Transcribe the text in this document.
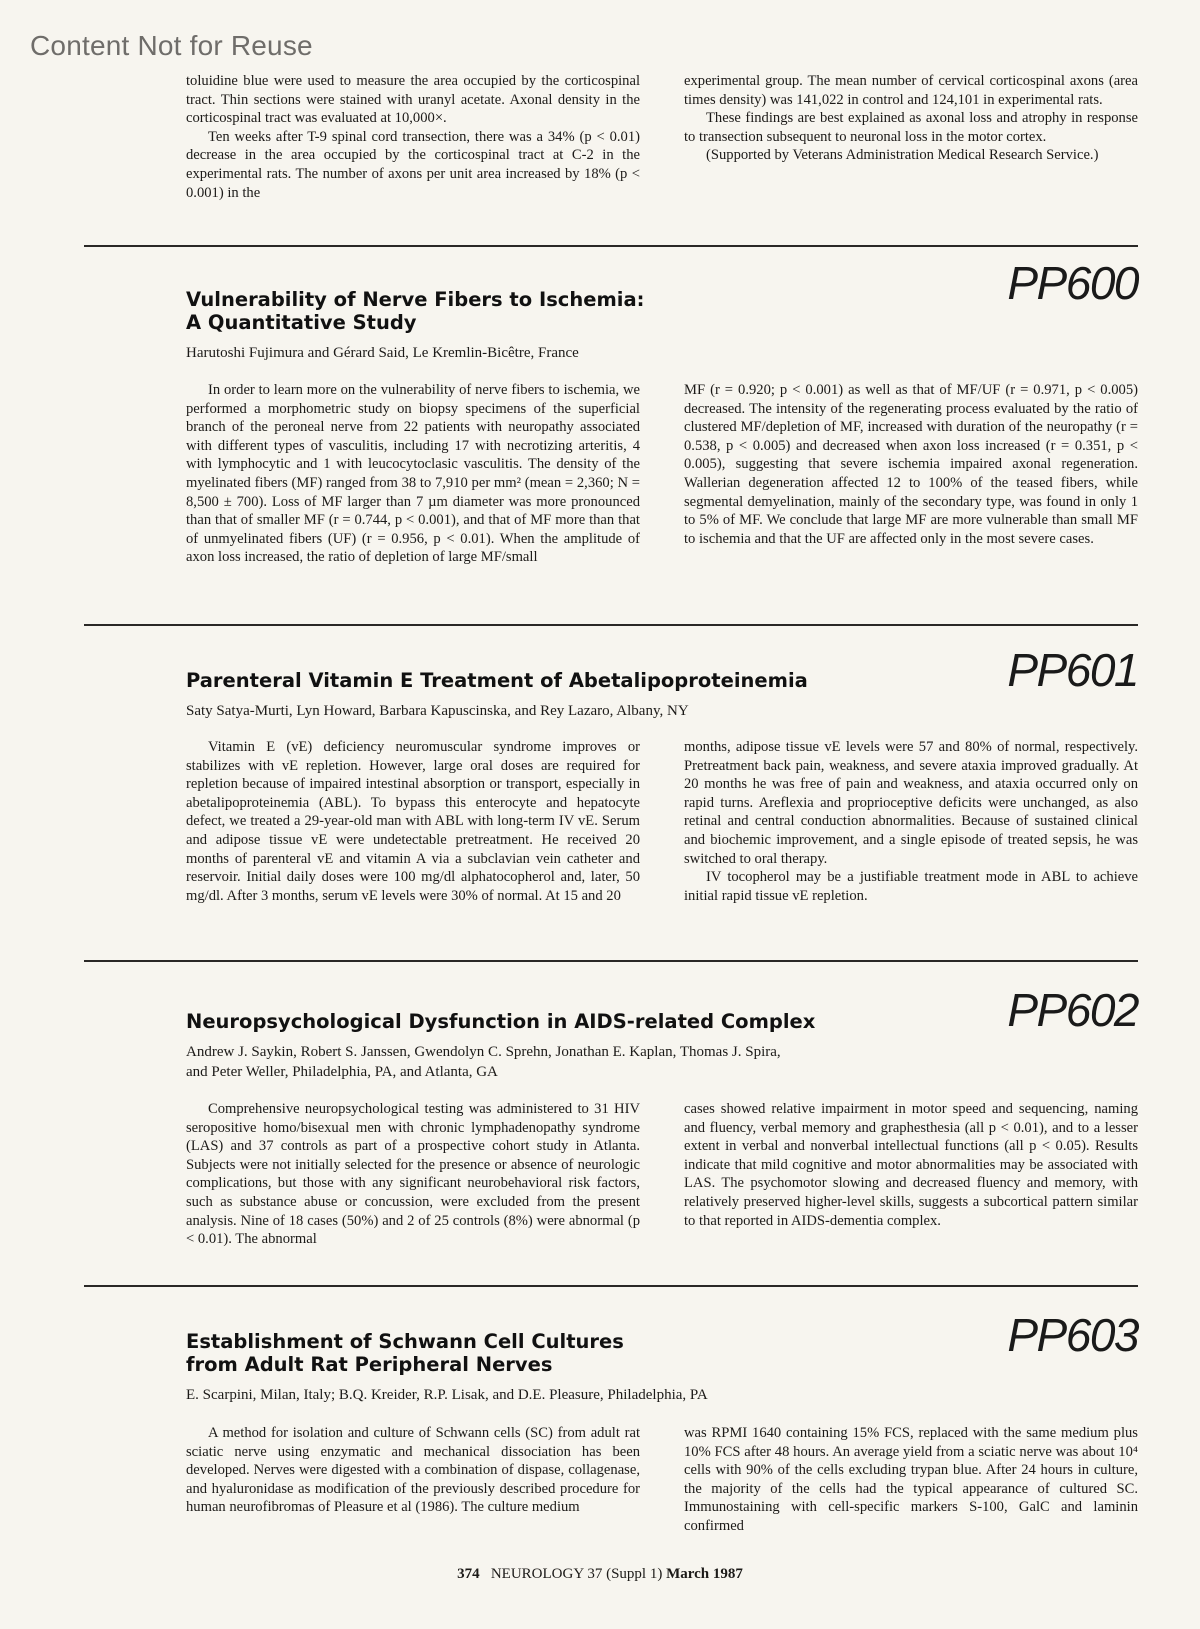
Content Not for Reuse

toluidine blue were used to measure the area occupied by the corticospinal tract. Thin sections were stained with uranyl acetate. Axonal density in the corticospinal tract was evaluated at 10,000×.

Ten weeks after T-9 spinal cord transection, there was a 34% (p < 0.01) decrease in the area occupied by the corticospinal tract at C-2 in the experimental rats. The number of axons per unit area increased by 18% (p < 0.001) in the

experimental group. The mean number of cervical corticospinal axons (area times density) was 141,022 in control and 124,101 in experimental rats.

These findings are best explained as axonal loss and atrophy in response to transection subsequent to neuronal loss in the motor cortex.

(Supported by Veterans Administration Medical Research Service.)

PP600
Vulnerability of Nerve Fibers to Ischemia:
A Quantitative Study
Harutoshi Fujimura and Gérard Said, Le Kremlin-Bicêtre, France

In order to learn more on the vulnerability of nerve fibers to ischemia, we performed a morphometric study on biopsy specimens of the superficial branch of the peroneal nerve from 22 patients with neuropathy associated with different types of vasculitis, including 17 with necrotizing arteritis, 4 with lymphocytic and 1 with leucocytoclasic vasculitis. The density of the myelinated fibers (MF) ranged from 38 to 7,910 per mm² (mean = 2,360; N = 8,500 ± 700). Loss of MF larger than 7 µm diameter was more pronounced than that of smaller MF (r = 0.744, p < 0.001), and that of MF more than that of unmyelinated fibers (UF) (r = 0.956, p < 0.01). When the amplitude of axon loss increased, the ratio of depletion of large MF/small

MF (r = 0.920; p < 0.001) as well as that of MF/UF (r = 0.971, p < 0.005) decreased. The intensity of the regenerating process evaluated by the ratio of clustered MF/depletion of MF, increased with duration of the neuropathy (r = 0.538, p < 0.005) and decreased when axon loss increased (r = 0.351, p < 0.005), suggesting that severe ischemia impaired axonal regeneration. Wallerian degeneration affected 12 to 100% of the teased fibers, while segmental demyelination, mainly of the secondary type, was found in only 1 to 5% of MF. We conclude that large MF are more vulnerable than small MF to ischemia and that the UF are affected only in the most severe cases.

PP601
Parenteral Vitamin E Treatment of Abetalipoproteinemia
Saty Satya-Murti, Lyn Howard, Barbara Kapuscinska, and Rey Lazaro, Albany, NY

Vitamin E (vE) deficiency neuromuscular syndrome improves or stabilizes with vE repletion. However, large oral doses are required for repletion because of impaired intestinal absorption or transport, especially in abetalipoproteinemia (ABL). To bypass this enterocyte and hepatocyte defect, we treated a 29-year-old man with ABL with long-term IV vE. Serum and adipose tissue vE were undetectable pretreatment. He received 20 months of parenteral vE and vitamin A via a subclavian vein catheter and reservoir. Initial daily doses were 100 mg/dl alphatocopherol and, later, 50 mg/dl. After 3 months, serum vE levels were 30% of normal. At 15 and 20

months, adipose tissue vE levels were 57 and 80% of normal, respectively. Pretreatment back pain, weakness, and severe ataxia improved gradually. At 20 months he was free of pain and weakness, and ataxia occurred only on rapid turns. Areflexia and proprioceptive deficits were unchanged, as also retinal and central conduction abnormalities. Because of sustained clinical and biochemic improvement, and a single episode of treated sepsis, he was switched to oral therapy.

IV tocopherol may be a justifiable treatment mode in ABL to achieve initial rapid tissue vE repletion.

PP602
Neuropsychological Dysfunction in AIDS-related Complex
Andrew J. Saykin, Robert S. Janssen, Gwendolyn C. Sprehn, Jonathan E. Kaplan, Thomas J. Spira,
and Peter Weller, Philadelphia, PA, and Atlanta, GA

Comprehensive neuropsychological testing was administered to 31 HIV seropositive homo/bisexual men with chronic lymphadenopathy syndrome (LAS) and 37 controls as part of a prospective cohort study in Atlanta. Subjects were not initially selected for the presence or absence of neurologic complications, but those with any significant neurobehavioral risk factors, such as substance abuse or concussion, were excluded from the present analysis. Nine of 18 cases (50%) and 2 of 25 controls (8%) were abnormal (p < 0.01). The abnormal

cases showed relative impairment in motor speed and sequencing, naming and fluency, verbal memory and graphesthesia (all p < 0.01), and to a lesser extent in verbal and nonverbal intellectual functions (all p < 0.05). Results indicate that mild cognitive and motor abnormalities may be associated with LAS. The psychomotor slowing and decreased fluency and memory, with relatively preserved higher-level skills, suggests a subcortical pattern similar to that reported in AIDS-dementia complex.

PP603
Establishment of Schwann Cell Cultures
from Adult Rat Peripheral Nerves
E. Scarpini, Milan, Italy; B.Q. Kreider, R.P. Lisak, and D.E. Pleasure, Philadelphia, PA

A method for isolation and culture of Schwann cells (SC) from adult rat sciatic nerve using enzymatic and mechanical dissociation has been developed. Nerves were digested with a combination of dispase, collagenase, and hyaluronidase as modification of the previously described procedure for human neurofibromas of Pleasure et al (1986). The culture medium

was RPMI 1640 containing 15% FCS, replaced with the same medium plus 10% FCS after 48 hours. An average yield from a sciatic nerve was about 10⁴ cells with 90% of the cells excluding trypan blue. After 24 hours in culture, the majority of the cells had the typical appearance of cultured SC. Immunostaining with cell-specific markers S-100, GalC and laminin confirmed

374 NEUROLOGY 37 (Suppl 1) March 1987
